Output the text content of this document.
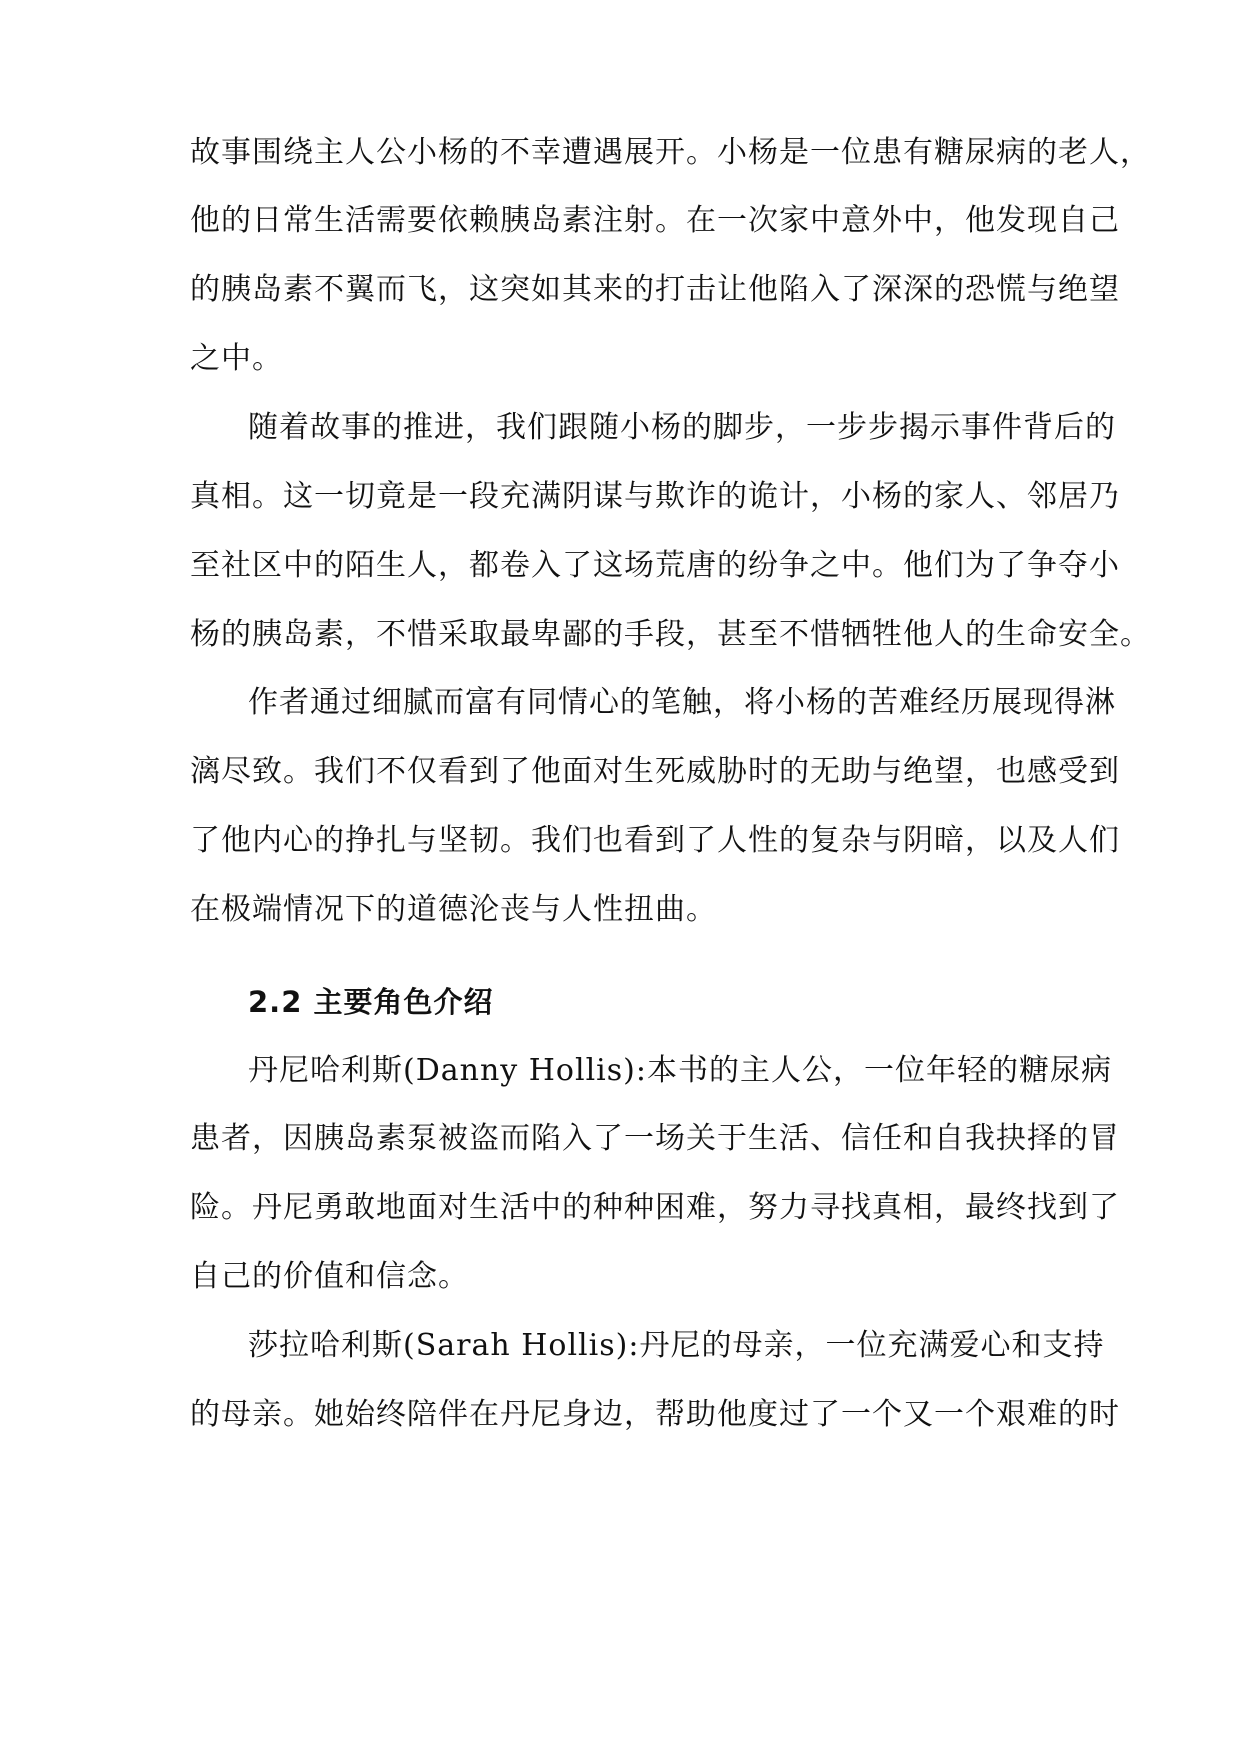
故事围绕主人公小杨的不幸遭遇展开。小杨是一位患有糖尿病的老人，
他的日常生活需要依赖胰岛素注射。在一次家中意外中，他发现自己
的胰岛素不翼而飞，这突如其来的打击让他陷入了深深的恐慌与绝望
之中。
随着故事的推进，我们跟随小杨的脚步，一步步揭示事件背后的
真相。这一切竟是一段充满阴谋与欺诈的诡计，小杨的家人、邻居乃
至社区中的陌生人，都卷入了这场荒唐的纷争之中。他们为了争夺小
杨的胰岛素，不惜采取最卑鄙的手段，甚至不惜牺牲他人的生命安全。
作者通过细腻而富有同情心的笔触，将小杨的苦难经历展现得淋
漓尽致。我们不仅看到了他面对生死威胁时的无助与绝望，也感受到
了他内心的挣扎与坚韧。我们也看到了人性的复杂与阴暗，以及人们
在极端情况下的道德沦丧与人性扭曲。
2.2 主要角色介绍
丹尼哈利斯(Danny Hollis):本书的主人公，一位年轻的糖尿病
患者，因胰岛素泵被盗而陷入了一场关于生活、信任和自我抉择的冒
险。丹尼勇敢地面对生活中的种种困难，努力寻找真相，最终找到了
自己的价值和信念。
莎拉哈利斯(Sarah Hollis):丹尼的母亲，一位充满爱心和支持
的母亲。她始终陪伴在丹尼身边，帮助他度过了一个又一个艰难的时
